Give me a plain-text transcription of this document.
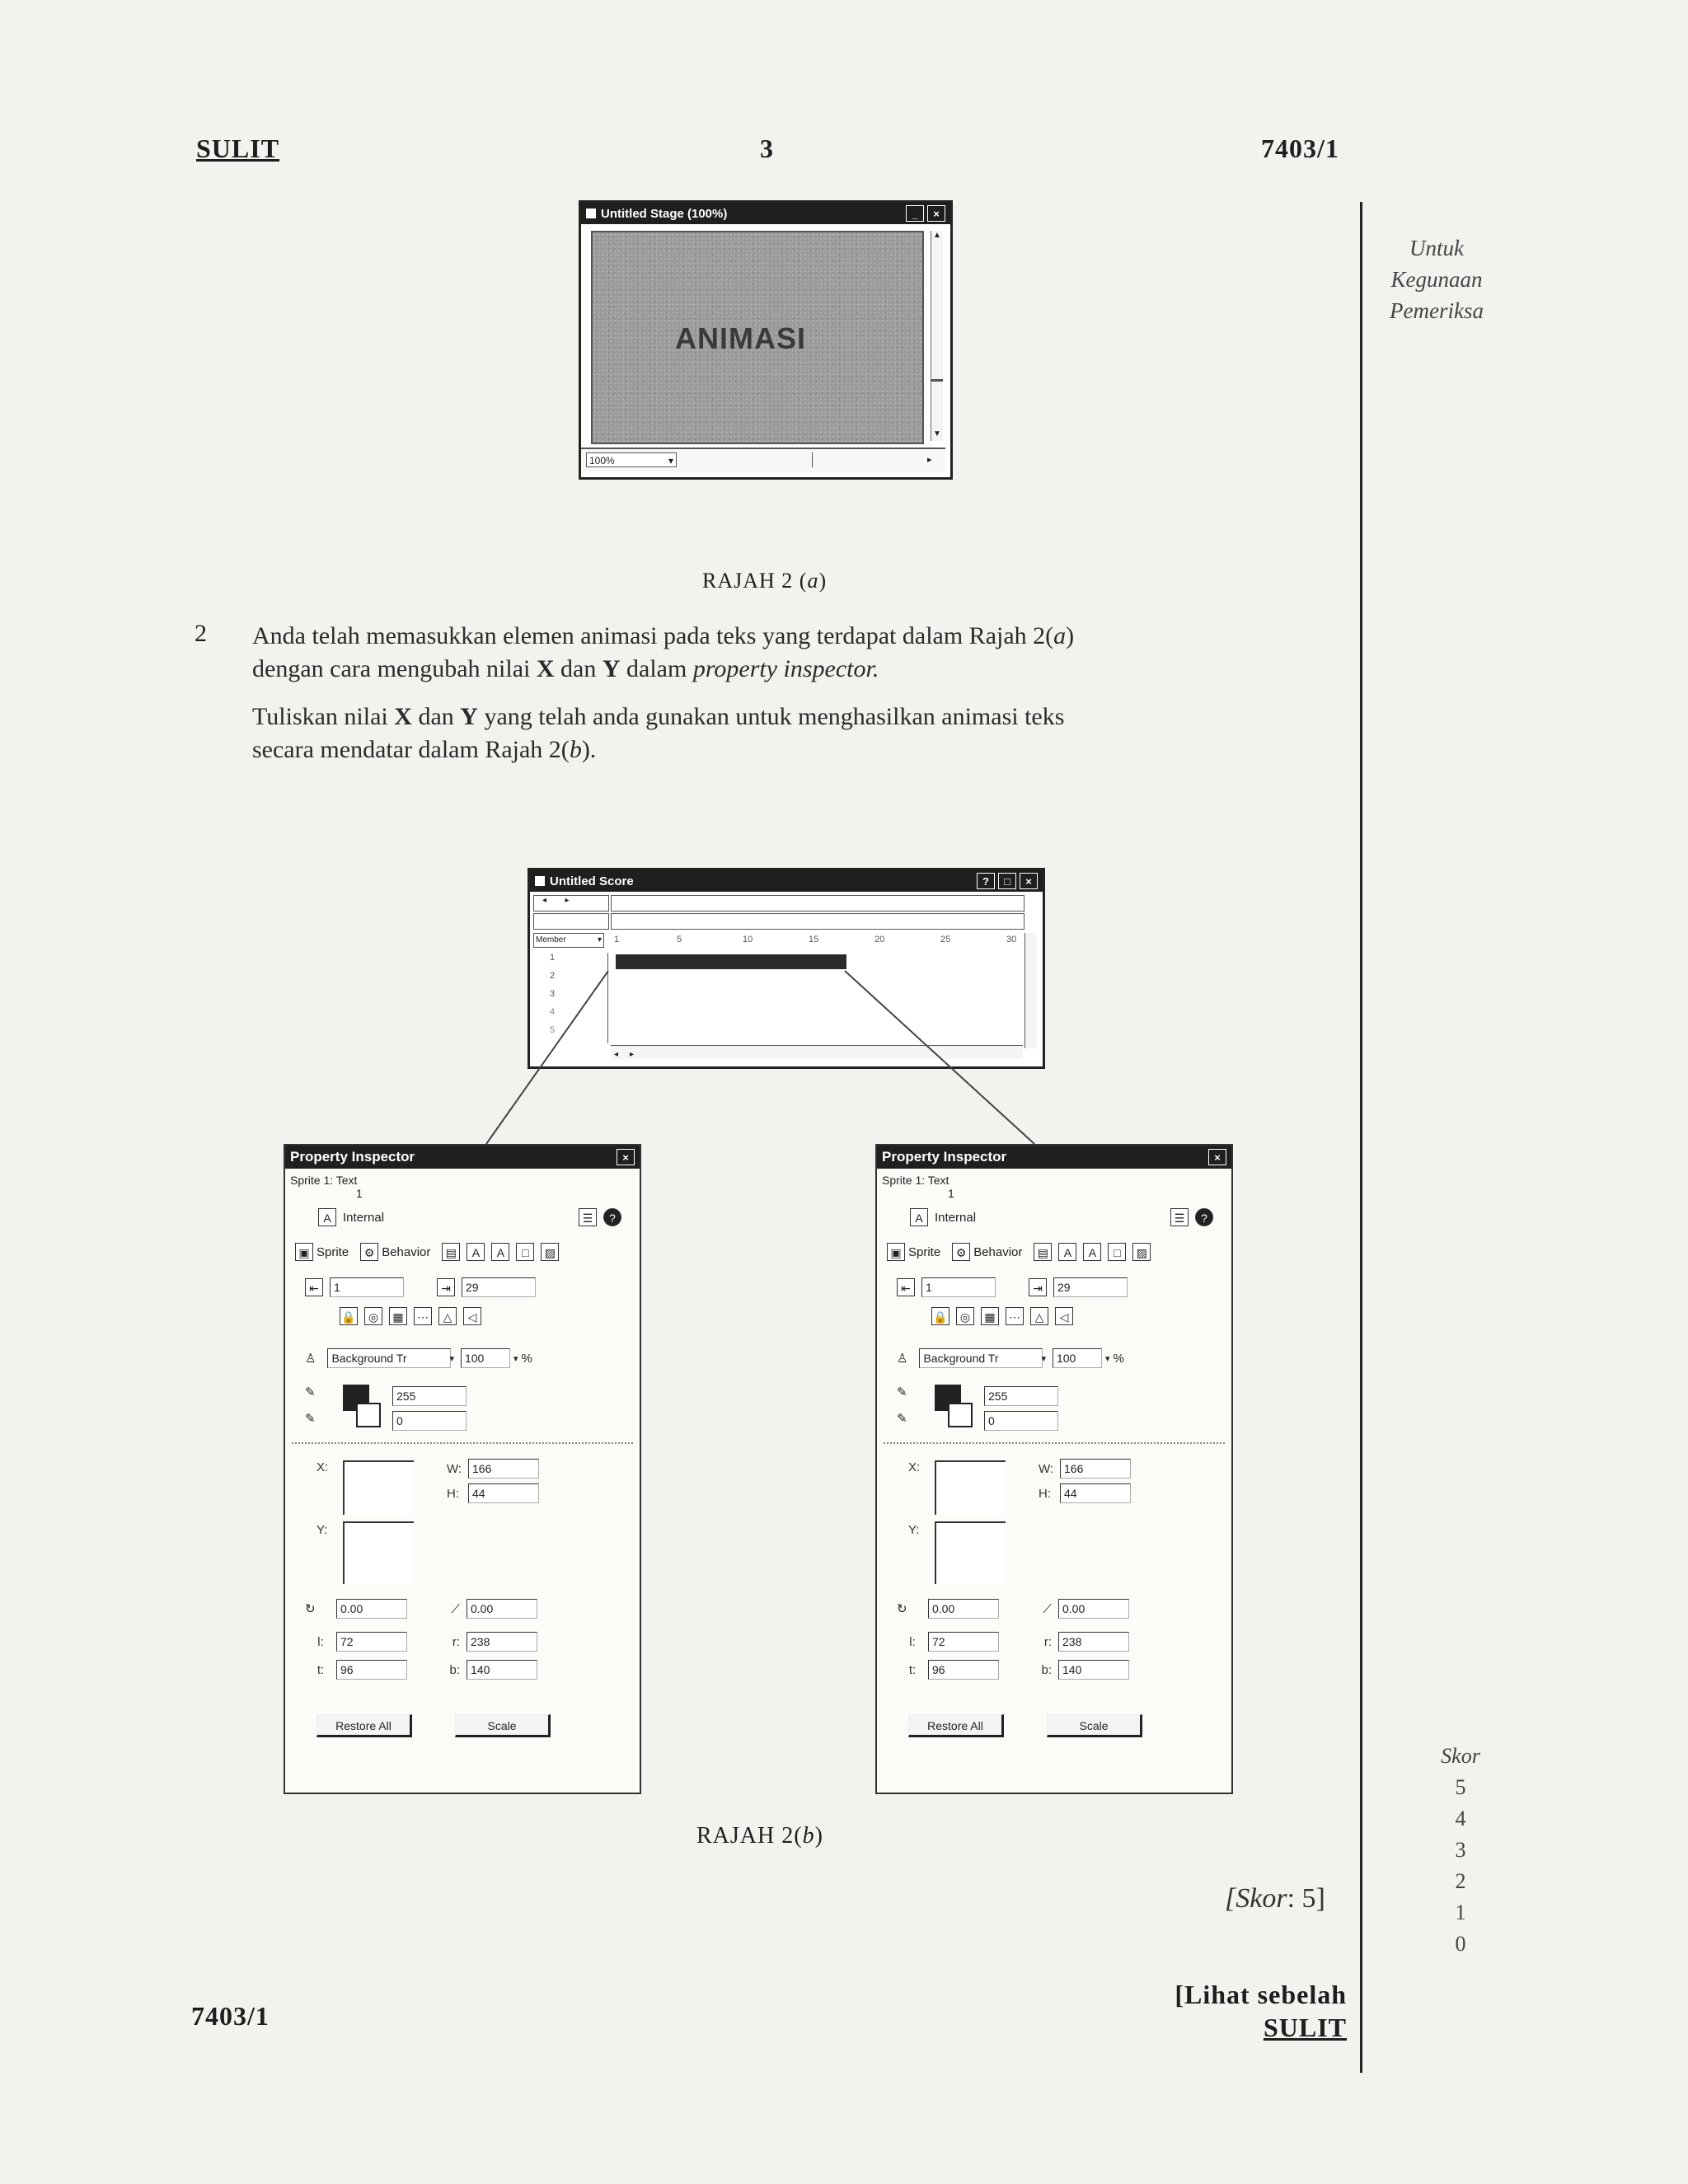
SULIT	3	7403/1
Untuk
Kegunaan
Pemeriksa
Untitled Stage (100%)	_	×
ANIMASI
▲
▼
100%	▾	▸
RAJAH 2 (a)
2 Anda telah memasukkan elemen animasi pada teks yang terdapat dalam Rajah 2(a)
dengan cara mengubah nilai X dan Y dalam property inspector.
Tuliskan nilai X dan Y yang telah anda gunakan untuk menghasilkan animasi teks
secara mendatar dalam Rajah 2(b).
Untitled Score	?	□	×
◂ ▸
Member	▾ 1	5	10	15	20	25	30
1
2
3
4
5
◂ ▸
Property Inspector	×
Sprite 1: Text
1
A Internal	☰	?
▣ Sprite	⚙ Behavior	▤	A	A	□	▨
⇤	1	⇥	29
🔒	◎	▦	⋯	△	◁
♙	Background Tr	▾ 100	▾ %
✎
✎
255
0
X:
Y:
W: 166
H:	44
↻	0.00	⟋ 0.00
l:	72	r: 238
t:	96	b: 140
Restore All	Scale
Property Inspector	×
Sprite 1: Text
1
A Internal	☰	?
▣ Sprite	⚙ Behavior	▤	A	A	□	▨
⇤	1	⇥	29
🔒	◎	▦	⋯	△	◁
♙	Background Tr	▾ 100	▾ %
✎
✎
255
0
X:
Y:
W: 166
H:	44
↻	0.00	⟋ 0.00
l:	72	r: 238
t:	96	b: 140
Restore All	Scale
RAJAH 2(b)
[Skor: 5]
Skor
5
4
3
2
1
0
7403/1
[Lihat sebelah
SULIT
